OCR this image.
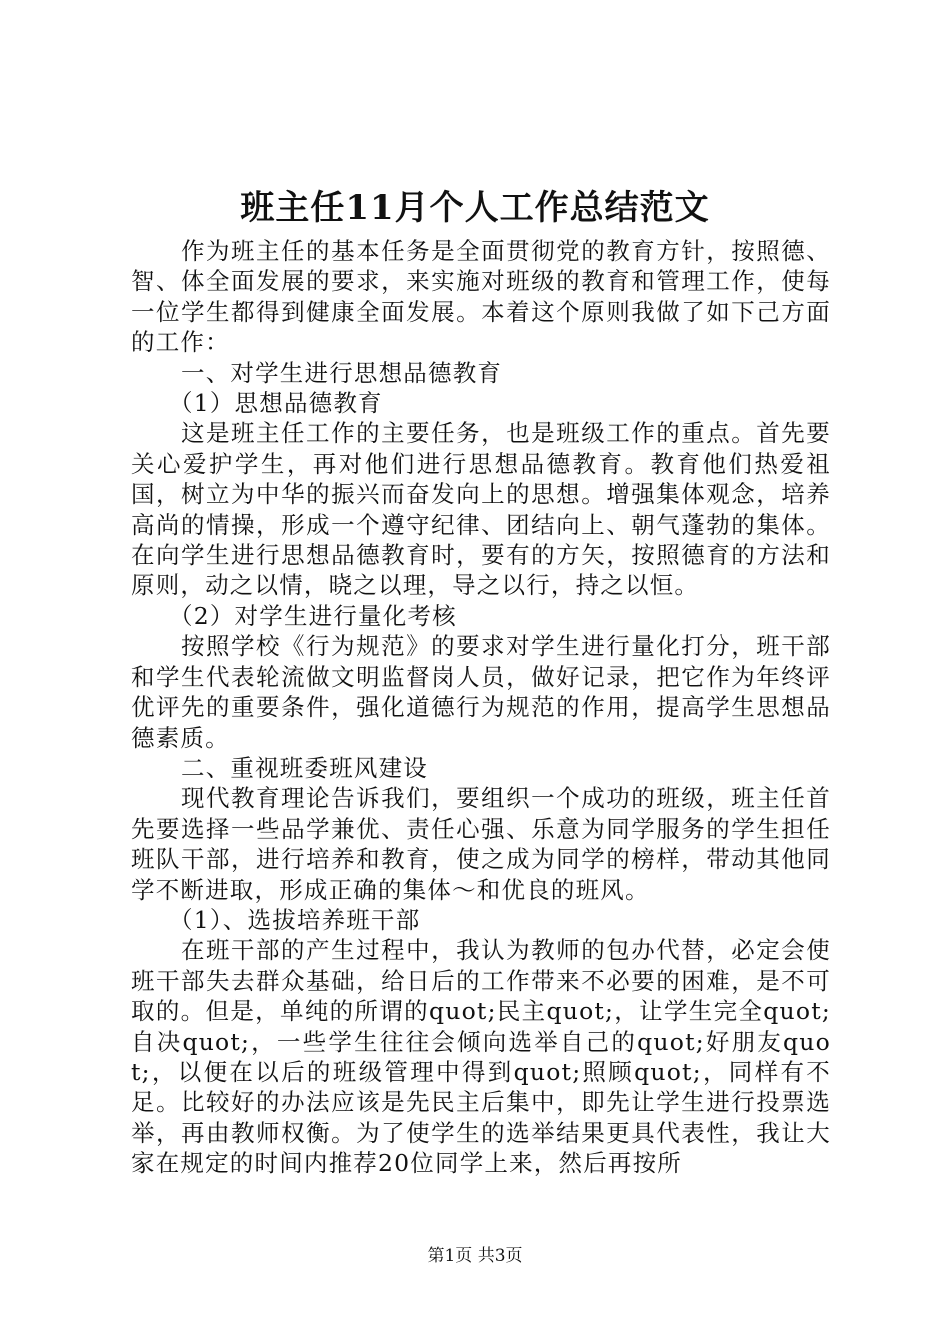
班主任11月个人工作总结范文

作为班主任的基本任务是全面贯彻党的教育方针，按照德、智、体全面发展的要求，来实施对班级的教育和管理工作，使每一位学生都得到健康全面发展。本着这个原则我做了如下己方面的工作：

一、对学生进行思想品德教育

（1）思想品德教育

这是班主任工作的主要任务，也是班级工作的重点。首先要关心爱护学生，再对他们进行思想品德教育。教育他们热爱祖国，树立为中华的振兴而奋发向上的思想。增强集体观念，培养高尚的情操，形成一个遵守纪律、团结向上、朝气蓬勃的集体。在向学生进行思想品德教育时，要有的方矢，按照德育的方法和原则，动之以情，晓之以理，导之以行，持之以恒。

（2）对学生进行量化考核

按照学校《行为规范》的要求对学生进行量化打分，班干部和学生代表轮流做文明监督岗人员，做好记录，把它作为年终评优评先的重要条件，强化道德行为规范的作用，提高学生思想品德素质。

二、重视班委班风建设

现代教育理论告诉我们，要组织一个成功的班级，班主任首先要选择一些品学兼优、责任心强、乐意为同学服务的学生担任班队干部，进行培养和教育，使之成为同学的榜样，带动其他同学不断进取，形成正确的集体～和优良的班风。

（1）、选拔培养班干部

在班干部的产生过程中，我认为教师的包办代替，必定会使班干部失去群众基础，给日后的工作带来不必要的困难，是不可取的。但是，单纯的所谓的quot;民主quot;，让学生完全quot;自决quot;，一些学生往往会倾向选举自己的quot;好朋友quot;，以便在以后的班级管理中得到quot;照顾quot;，同样有不足。比较好的办法应该是先民主后集中，即先让学生进行投票选举，再由教师权衡。为了使学生的选举结果更具代表性，我让大家在规定的时间内推荐20位同学上来，然后再按所

第1页 共3页
